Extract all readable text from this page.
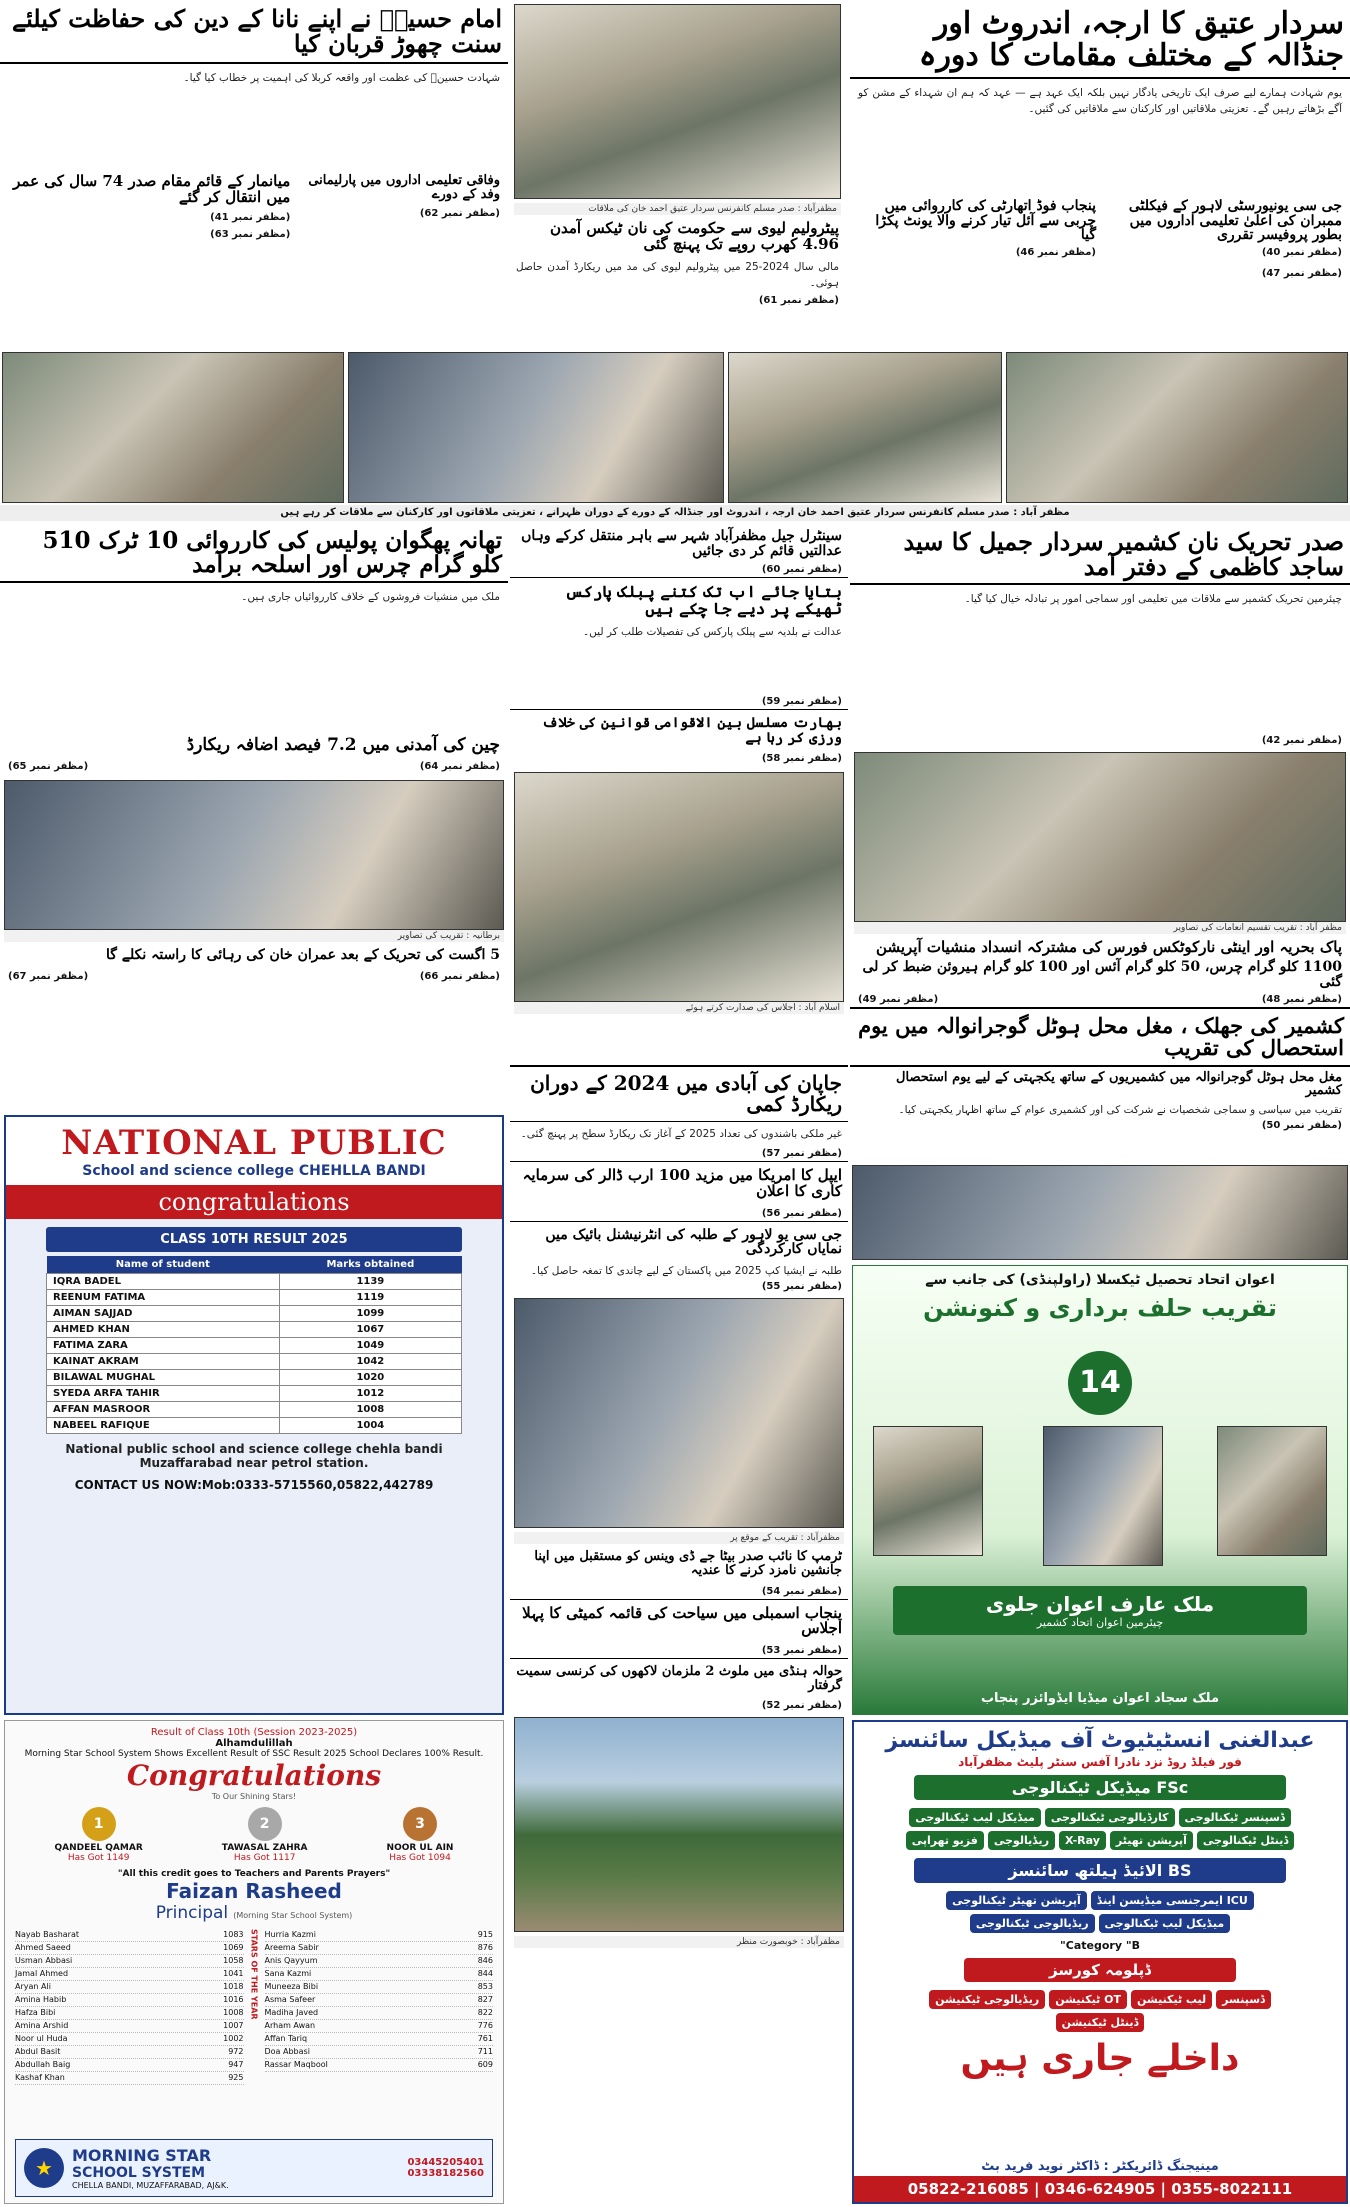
سردار عتیق کا ارجہ، اندروٹ اور جنڈالہ کے مختلف مقامات کا دورہ
یوم شہادت ہمارے لیے صرف ایک تاریخی یادگار نہیں بلکہ ایک عہد ہے — عہد کہ ہم ان شہداء کے مشن کو آگے بڑھاتے رہیں گے۔ تعزیتی ملاقاتیں اور کارکنان سے ملاقاتیں کی گئیں۔
جی سی یونیورسٹی لاہور کے فیکلٹی ممبران کی اعلیٰ تعلیمی اداروں میں بطور پروفیسر تقرری
(مظفر نمبر 40)
(مظفر نمبر 47)
پنجاب فوڈ اتھارٹی کی کارروائی میں چربی سے آئل تیار کرنے والا یونٹ پکڑا گیا
(مظفر نمبر 46)
مظفرآباد : صدر مسلم کانفرنس سردار عتیق احمد خان کی ملاقات
پیٹرولیم لیوی سے حکومت کی نان ٹیکس آمدن 4.96 کھرب روپے تک پہنچ گئی
مالی سال 2024-25 میں پیٹرولیم لیوی کی مد میں ریکارڈ آمدن حاصل ہوئی۔
(مظفر نمبر 61)
امام حسینؓ نے اپنے نانا کے دین کی حفاظت کیلئے سنت چھوڑ قربان کیا
شہادت حسینؓ کی عظمت اور واقعہ کربلا کی اہمیت پر خطاب کیا گیا۔
وفاقی تعلیمی اداروں میں پارلیمانی وفد کے دورے
(مظفر نمبر 62)
میانمار کے قائم مقام صدر 74 سال کی عمر میں انتقال کر گئے
(مظفر نمبر 41)
(مظفر نمبر 63)
مظفر آباد : صدر مسلم کانفرنس سردار عتیق احمد خان ارجہ ، اندروٹ اور جنڈالہ کے دورے کے دوران ظہرانے ، تعزیتی ملاقاتوں اور کارکنان سے ملاقات کر رہے ہیں
صدر تحریک نان کشمیر سردار جمیل کا سید ساجد کاظمی کے دفتر آمد
چیئرمین تحریک کشمیر سے ملاقات میں تعلیمی اور سماجی امور پر تبادلہ خیال کیا گیا۔
(مظفر نمبر 42)
مظفر آباد : تقریب تقسیم انعامات کی تصاویر
پاک بحریہ اور اینٹی نارکوٹکس فورس کی مشترکہ انسداد منشیات آپریشن
1100 کلو گرام چرس، 50 کلو گرام آئس اور 100 کلو گرام ہیروئن ضبط کر لی گئی
(مظفر نمبر 48)
(مظفر نمبر 49)
کشمیر کی جھلک ، مغل محل ہوٹل گوجرانوالہ میں یوم استحصال کی تقریب
مغل محل ہوٹل گوجرانوالہ میں کشمیریوں کے ساتھ یکجہتی کے لیے یوم استحصال کشمیر
تقریب میں سیاسی و سماجی شخصیات نے شرکت کی اور کشمیری عوام کے ساتھ اظہار یکجہتی کیا۔
(مظفر نمبر 50)
سینٹرل جیل مظفرآباد شہر سے باہر منتقل کرکے وہاں عدالتیں قائم کر دی جائیں
(مظفر نمبر 60)
بتایا جائے اب تک کتنے پبلک پارکس ٹھیکے پر دیے جا چکے ہیں
عدالت نے بلدیہ سے پبلک پارکس کی تفصیلات طلب کر لیں۔
(مظفر نمبر 59)
بھارت مسلسل بین الاقوامی قوانین کی خلاف ورزی کر رہا ہے
(مظفر نمبر 58)
اسلام آباد : اجلاس کی صدارت کرتے ہوئے
تھانہ پھگوان پولیس کی کارروائی 10 ٹرک 510 کلو گرام چرس اور اسلحہ برآمد
ملک میں منشیات فروشوں کے خلاف کارروائیاں جاری ہیں۔
چین کی آمدنی میں 7.2 فیصد اضافہ ریکارڈ
(مظفر نمبر 64)
(مظفر نمبر 65)
برطانیہ : تقریب کی تصاویر
5 اگست کی تحریک کے بعد عمران خان کی رہائی کا راستہ نکلے گا
(مظفر نمبر 66)
(مظفر نمبر 67)
جاپان کی آبادی میں 2024 کے دوران ریکارڈ کمی
غیر ملکی باشندوں کی تعداد 2025 کے آغاز تک ریکارڈ سطح پر پہنچ گئی۔
(مظفر نمبر 57)
ایپل کا امریکا میں مزید 100 ارب ڈالر کی سرمایہ کاری کا اعلان
(مظفر نمبر 56)
جی سی یو لاہور کے طلبہ کی انٹرنیشنل بائیک میں نمایاں کارکردگی
طلبہ نے ایشیا کپ 2025 میں پاکستان کے لیے چاندی کا تمغہ حاصل کیا۔
(مظفر نمبر 55)
مظفرآباد : تقریب کے موقع پر
ٹرمپ کا نائب صدر بیٹا جے ڈی وینس کو مستقبل میں اپنا جانشین نامزد کرنے کا عندیہ
(مظفر نمبر 54)
پنجاب اسمبلی میں سیاحت کی قائمہ کمیٹی کا پہلا اجلاس
(مظفر نمبر 53)
حوالہ ہنڈی میں ملوث 2 ملزمان لاکھوں کی کرنسی سمیت گرفتار
(مظفر نمبر 52)
مظفرآباد : خوبصورت منظر
NATIONAL PUBLIC
School and science college CHEHLLA BANDI
congratulations
CLASS 10TH RESULT 2025
Name of student	Marks obtained
IQRA BADEL	1139
REENUM FATIMA	1119
AIMAN SAJJAD	1099
AHMED KHAN	1067
FATIMA ZARA	1049
KAINAT AKRAM	1042
BILAWAL MUGHAL	1020
SYEDA ARFA TAHIR	1012
AFFAN MASROOR	1008
NABEEL RAFIQUE	1004
National public school and science college chehla bandi Muzaffarabad near petrol station.
CONTACT US NOW:Mob:0333-5715560,05822,442789
Result of Class 10th (Session 2023-2025)
Alhamdulillah
Morning Star School System Shows Excellent Result of SSC Result 2025 School Declares 100% Result.
Congratulations
To Our Shining Stars!
1
QANDEEL QAMAR
Has Got 1149
2
TAWASAL ZAHRA
Has Got 1117
3
NOOR UL AIN
Has Got 1094
"All this credit goes to Teachers and Parents Prayers"
Faizan Rasheed
Principal (Morning Star School System)
Nayab Basharat	1083
Ahmed Saeed	1069
Usman Abbasi	1058
Jamal Ahmed	1041
Aryan Ali	1018
Amina Habib	1016
Hafza Bibi	1008
Amina Arshid	1007
Noor ul Huda	1002
Abdul Basit	972
Abdullah Baig	947
Kashaf Khan	925
STARS OF THE YEAR Hurria Kazmi	915
Areema Sabir	876
Anis Qayyum	846
Sana Kazmi	844
Muneeza Bibi	853
Asma Safeer	827
Madiha Javed	822
Arham Awan	776
Affan Tariq	761
Doa Abbasi	711
Rassar Maqbool	609
★
MORNING STAR
SCHOOL SYSTEM
CHELLA BANDI, MUZAFFARABAD, AJ&K.
03445205401
03338182560
اعوان اتحاد تحصیل ٹیکسلا (راولپنڈی) کی جانب سے
تقریب حلف برداری و کنونشن
14
ملک عارف اعوان جلوی
چیئرمین اعوان اتحاد کشمیر
ملک سجاد اعوان میڈیا ایڈوائزر پنجاب
عبدالغنی انسٹیٹیوٹ آف میڈیکل سائنسز
فور فیلڈ روڈ نزد نادرا آفس سنٹر پلیٹ مظفرآباد
FSc میڈیکل ٹیکنالوجی
ڈسپنسر ٹیکنالوجی
کارڈیالوجی ٹیکنالوجی
میڈیکل لیب ٹیکنالوجی
ڈینٹل ٹیکنالوجی
آپریشن تھیٹر
X-Ray
ریڈیالوجی
فزیو تھراپی
BS الائیڈ ہیلتھ سائنسز
ICU ایمرجنسی میڈیسن اینڈ
آپریشن تھیٹر ٹیکنالوجی
میڈیکل لیب ٹیکنالوجی
ریڈیالوجی ٹیکنالوجی
Category "B"
ڈپلومہ کورسز
ڈسپنسر
لیب ٹیکنیشن
OT ٹیکنیشن
ریڈیالوجی ٹیکنیشن
ڈینٹل ٹیکنیشن
داخلے جاری ہیں
مینیجنگ ڈائریکٹر : ڈاکٹر نوید فرید بٹ
05822-216085 | 0346-624905 | 0355-8022111
